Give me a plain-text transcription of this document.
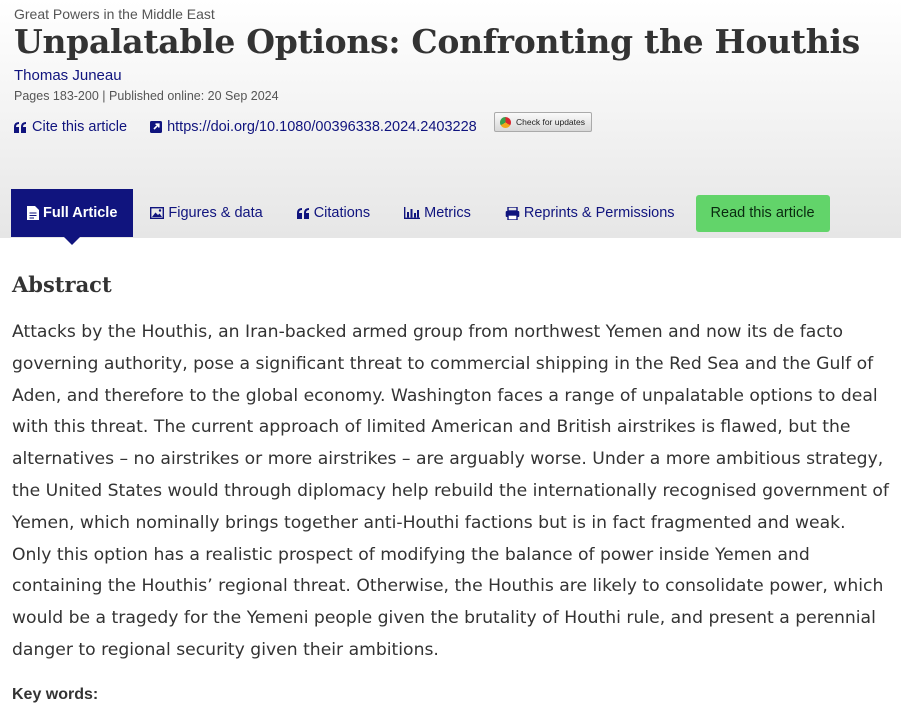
Great Powers in the Middle East
Unpalatable Options: Confronting the Houthis
Thomas Juneau
Pages 183-200 | Published online: 20 Sep 2024
Cite this article	https://doi.org/10.1080/00396338.2024.2403228	Check for updates
Full Article	Figures & data	Citations	Metrics	Reprints & Permissions	Read this article
Abstract

Attacks by the Houthis, an Iran-backed armed group from northwest Yemen and now its de facto governing authority, pose a significant threat to commercial shipping in the Red Sea and the Gulf of Aden, and therefore to the global economy. Washington faces a range of unpalatable options to deal with this threat. The current approach of limited American and British airstrikes is flawed, but the alternatives – no airstrikes or more airstrikes – are arguably worse. Under a more ambitious strategy, the United States would through diplomacy help rebuild the internationally recognised government of Yemen, which nominally brings together anti-Houthi factions but is in fact fragmented and weak. Only this option has a realistic prospect of modifying the balance of power inside Yemen and containing the Houthis’ regional threat. Otherwise, the Houthis are likely to consolidate power, which would be a tragedy for the Yemeni people given the brutality of Houthi rule, and present a perennial danger to regional security given their ambitions.

Key words:
